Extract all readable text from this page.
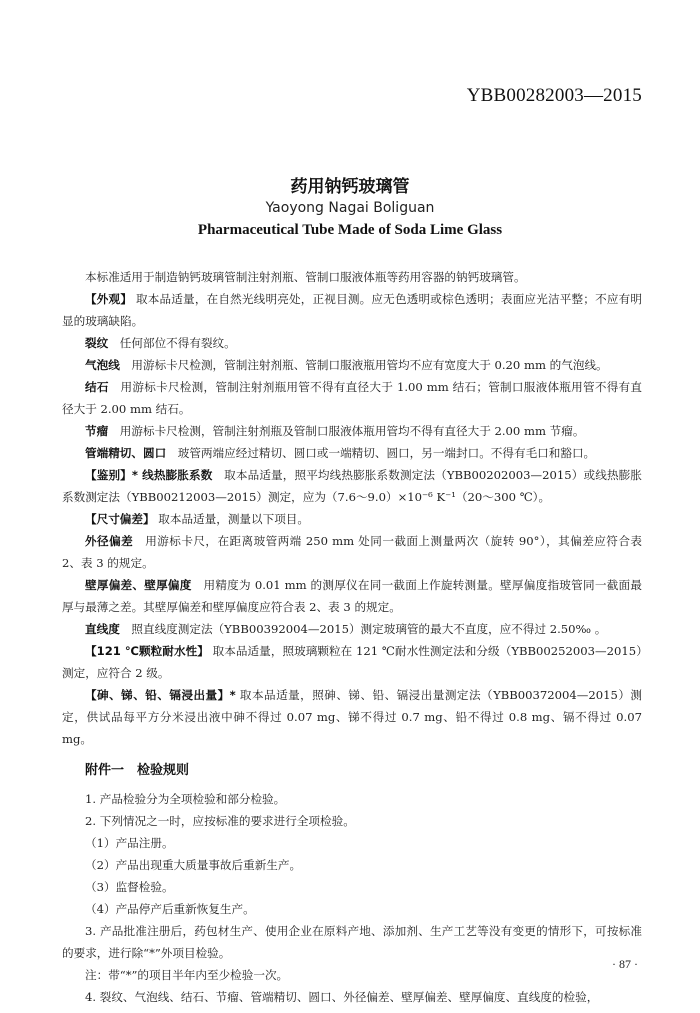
YBB00282003—2015
药用钠钙玻璃管
Yaoyong Nagai Boliguan
Pharmaceutical Tube Made of Soda Lime Glass

本标准适用于制造钠钙玻璃管制注射剂瓶、管制口服液体瓶等药用容器的钠钙玻璃管。

【外观】 取本品适量，在自然光线明亮处，正视目测。应无色透明或棕色透明；表面应光洁平整；不应有明显的玻璃缺陷。

裂纹　任何部位不得有裂纹。

气泡线　用游标卡尺检测，管制注射剂瓶、管制口服液瓶用管均不应有宽度大于 0.20 mm 的气泡线。

结石　用游标卡尺检测，管制注射剂瓶用管不得有直径大于 1.00 mm 结石；管制口服液体瓶用管不得有直径大于 2.00 mm 结石。

节瘤　用游标卡尺检测，管制注射剂瓶及管制口服液体瓶用管均不得有直径大于 2.00 mm 节瘤。

管端精切、圆口　玻管两端应经过精切、圆口或一端精切、圆口，另一端封口。不得有毛口和豁口。

【鉴别】* 线热膨胀系数　取本品适量，照平均线热膨胀系数测定法（YBB00202003—2015）或线热膨胀系数测定法（YBB00212003—2015）测定，应为（7.6～9.0）×10⁻⁶ K⁻¹（20～300 ℃）。

【尺寸偏差】 取本品适量，测量以下项目。

外径偏差　用游标卡尺，在距离玻管两端 250 mm 处同一截面上测量两次（旋转 90°），其偏差应符合表 2、表 3 的规定。

壁厚偏差、壁厚偏度　用精度为 0.01 mm 的测厚仪在同一截面上作旋转测量。壁厚偏度指玻管同一截面最厚与最薄之差。其壁厚偏差和壁厚偏度应符合表 2、表 3 的规定。

直线度　照直线度测定法（YBB00392004—2015）测定玻璃管的最大不直度，应不得过 2.50‰ 。

【121 ℃颗粒耐水性】 取本品适量，照玻璃颗粒在 121 ℃耐水性测定法和分级（YBB00252003—2015）测定，应符合 2 级。

【砷、锑、铅、镉浸出量】* 取本品适量，照砷、锑、铅、镉浸出量测定法（YBB00372004—2015）测定，供试品每平方分米浸出液中砷不得过 0.07 mg、锑不得过 0.7 mg、铅不得过 0.8 mg、镉不得过 0.07 mg。

附件一　检验规则

1. 产品检验分为全项检验和部分检验。

2. 下列情况之一时，应按标准的要求进行全项检验。

（1）产品注册。

（2）产品出现重大质量事故后重新生产。

（3）监督检验。

（4）产品停产后重新恢复生产。

3. 产品批准注册后，药包材生产、使用企业在原料产地、添加剂、生产工艺等没有变更的情形下，可按标准的要求，进行除“*”外项目检验。

注：带“*”的项目半年内至少检验一次。

4. 裂纹、气泡线、结石、节瘤、管端精切、圆口、外径偏差、壁厚偏差、壁厚偏度、直线度的检验，

· 87 ·
